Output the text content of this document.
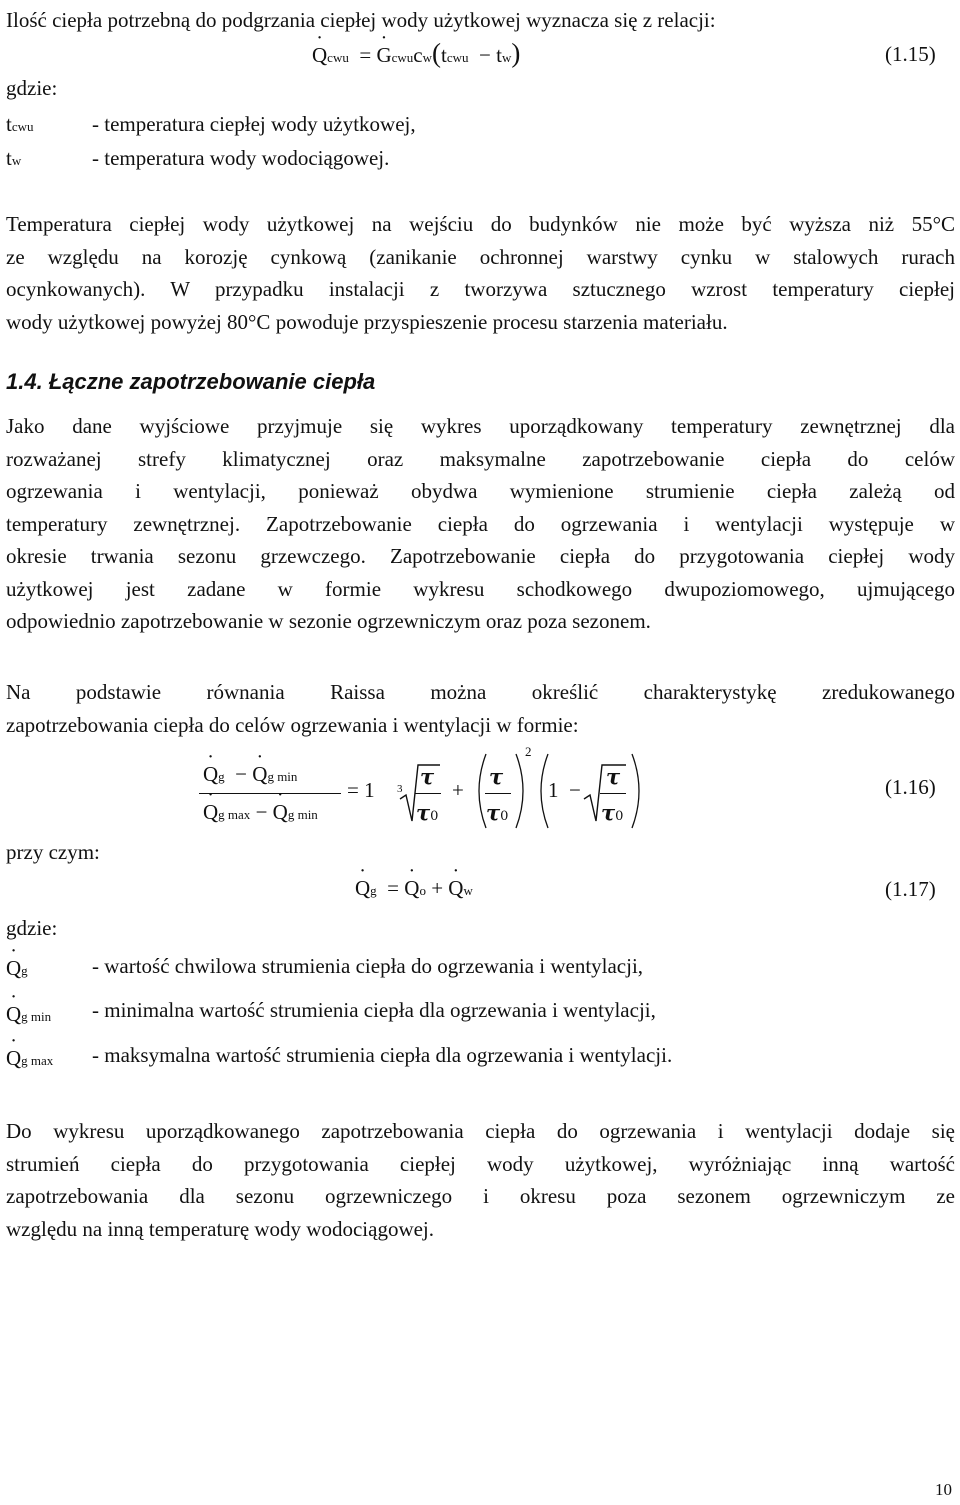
Ilość ciepła potrzebną do podgrzania ciepłej wody użytkowej wyznacza się z relacji:
· Qcwu  = · Gcwucw(tcwu  − tw)	(1.15)
gdzie:
tcwu	- temperatura ciepłej wody użytkowej,
tw	- temperatura wody wodociągowej.
Temperatura ciepłej wody użytkowej na wejściu do budynków nie może być wyższa niż 55°C
ze względu na korozję cynkową (zanikanie ochronnej warstwy cynku w stalowych rurach
ocynkowanych). W przypadku instalacji z tworzywa sztucznego wzrost temperatury ciepłej
wody użytkowej powyżej 80°C powoduje przyspieszenie procesu starzenia materiału.
1.4. Łączne zapotrzebowanie ciepła
Jako dane wyjściowe przyjmuje się wykres uporządkowany temperatury zewnętrznej dla
rozważanej strefy klimatycznej oraz maksymalne zapotrzebowanie ciepła do celów
ogrzewania i wentylacji, ponieważ obydwa wymienione strumienie ciepła zależą od
temperatury zewnętrznej. Zapotrzebowanie ciepła do ogrzewania i wentylacji występuje w
okresie trwania sezonu grzewczego. Zapotrzebowanie ciepła do przygotowania ciepłej wody
użytkowej jest zadane w formie wykresu schodkowego dwupoziomowego, ujmującego
odpowiednio zapotrzebowanie w sezonie ogrzewniczym oraz poza sezonem.
Na podstawie równania Raissa można określić charakterystykę zredukowanego
zapotrzebowania ciepła do celów ogrzewania i wentylacji w formie:
· Qg  − · Qg min
· Qg max − · Qg min
= 1 3 τ
τ0
+
τ
τ0
2
1  −
τ
τ0
(1.16)
przy czym:
· Qg  = · Qo + · Qw	(1.17)
gdzie:
· Qg	- wartość chwilowa strumienia ciepła do ogrzewania i wentylacji,
· Qg min - minimalna wartość strumienia ciepła dla ogrzewania i wentylacji,
· Qg max - maksymalna wartość strumienia ciepła dla ogrzewania i wentylacji.
Do wykresu uporządkowanego zapotrzebowania ciepła do ogrzewania i wentylacji dodaje się
strumień ciepła do przygotowania ciepłej wody użytkowej, wyróżniając inną wartość
zapotrzebowania dla sezonu ogrzewniczego i okresu poza sezonem ogrzewniczym ze
względu na inną temperaturę wody wodociągowej.
10
